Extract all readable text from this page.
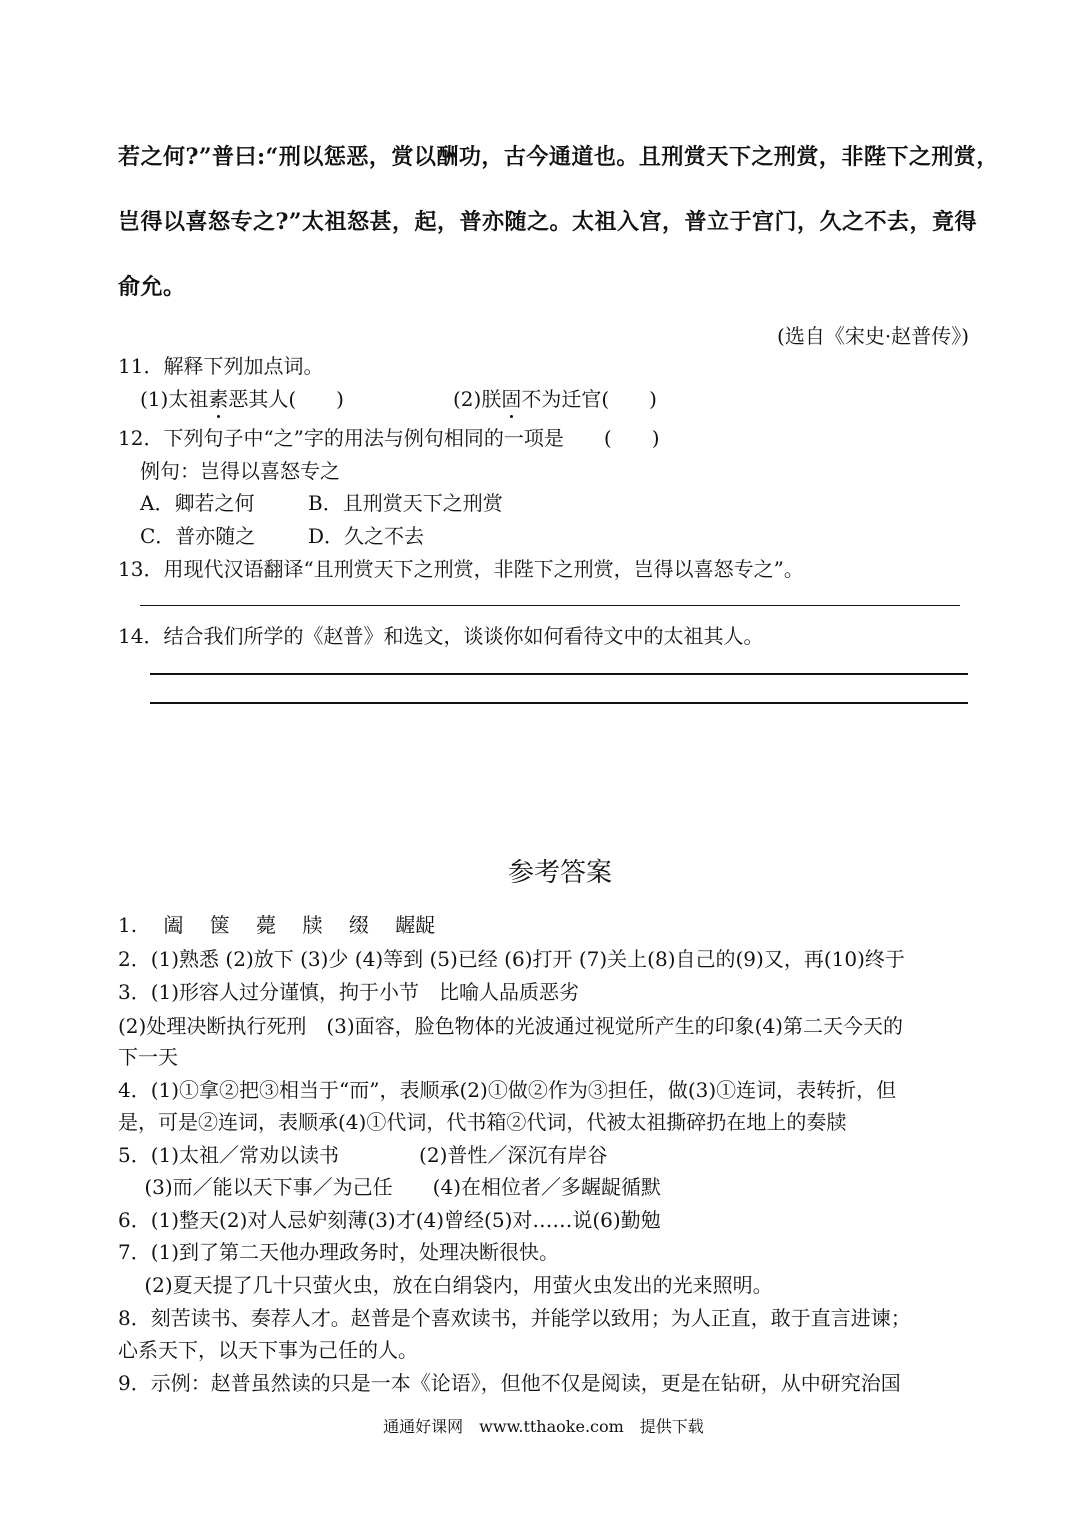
若之何?”普曰:“刑以惩恶，赏以酬功，古今通道也。且刑赏天下之刑赏，非陛下之刑赏，
岂得以喜怒专之?”太祖怒甚，起，普亦随之。太祖入宫，普立于宫门，久之不去，竟得
俞允。
(选自《宋史·赵普传》)
11．解释下列加点词。
(1)太祖素恶其人(　　)	(2)朕固不为迁官(　　)
12．下列句子中“之”字的用法与例句相同的一项是　　(　　)
例句：岂得以喜怒专之
A．卿若之何	B．且刑赏天下之刑赏
C．普亦随之	D．久之不去
13．用现代汉语翻译“且刑赏天下之刑赏，非陛下之刑赏，岂得以喜怒专之”。
14．结合我们所学的《赵普》和选文，谈谈你如何看待文中的太祖其人。
参考答案
1.　 阖　 箧　 薨　 牍　 缀　 龌龊
2．(1)熟悉 (2)放下 (3)少 (4)等到 (5)已经 (6)打开 (7)关上(8)自己的(9)又，再(10)终于
3．(1)形容人过分谨慎，拘于小节　比喻人品质恶劣
(2)处理决断执行死刑　(3)面容，脸色物体的光波通过视觉所产生的印象(4)第二天今天的
下一天
4．(1)①拿②把③相当于“而”，表顺承(2)①做②作为③担任，做(3)①连词，表转折，但
是，可是②连词，表顺承(4)①代词，代书箱②代词，代被太祖撕碎扔在地上的奏牍
5．(1)太祖／常劝以读书　　　　(2)普性／深沉有岸谷
　 (3)而／能以天下事／为己任　　(4)在相位者／多龌龊循默
6．(1)整天(2)对人忌妒刻薄(3)才(4)曾经(5)对……说(6)勤勉
7．(1)到了第二天他办理政务时，处理决断很快。
　 (2)夏天提了几十只萤火虫，放在白绢袋内，用萤火虫发出的光来照明。
8．刻苦读书、奏荐人才。赵普是个喜欢读书，并能学以致用；为人正直，敢于直言进谏；
心系天下，以天下事为己任的人。
9．示例：赵普虽然读的只是一本《论语》，但他不仅是阅读，更是在钻研，从中研究治国
通通好课网　www.tthaoke.com　提供下载
